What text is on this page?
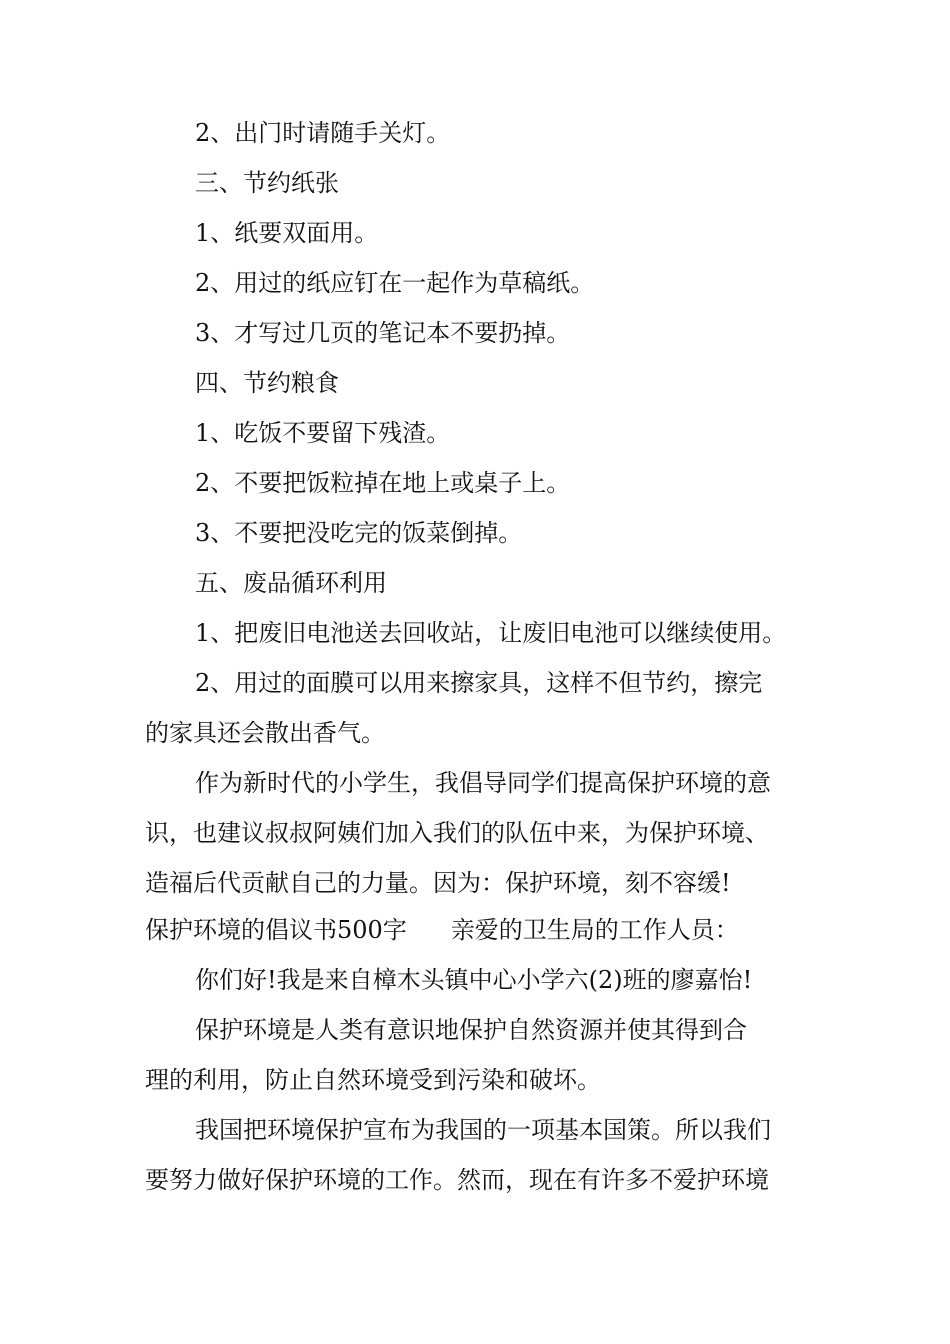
2、出门时请随手关灯。
三、节约纸张
1、纸要双面用。
2、用过的纸应钉在一起作为草稿纸。
3、才写过几页的笔记本不要扔掉。
四、节约粮食
1、吃饭不要留下残渣。
2、不要把饭粒掉在地上或桌子上。
3、不要把没吃完的饭菜倒掉。
五、废品循环利用
1、把废旧电池送去回收站，让废旧电池可以继续使用。
2、用过的面膜可以用来擦家具，这样不但节约，擦完
的家具还会散出香气。
作为新时代的小学生，我倡导同学们提高保护环境的意
识，也建议叔叔阿姨们加入我们的队伍中来，为保护环境、
造福后代贡献自己的力量。因为：保护环境，刻不容缓!
保护环境的倡议书500字 亲爱的卫生局的工作人员：
你们好!我是来自樟木头镇中心小学六(2)班的廖嘉怡!
保护环境是人类有意识地保护自然资源并使其得到合
理的利用，防止自然环境受到污染和破坏。
我国把环境保护宣布为我国的一项基本国策。所以我们
要努力做好保护环境的工作。然而，现在有许多不爱护环境
